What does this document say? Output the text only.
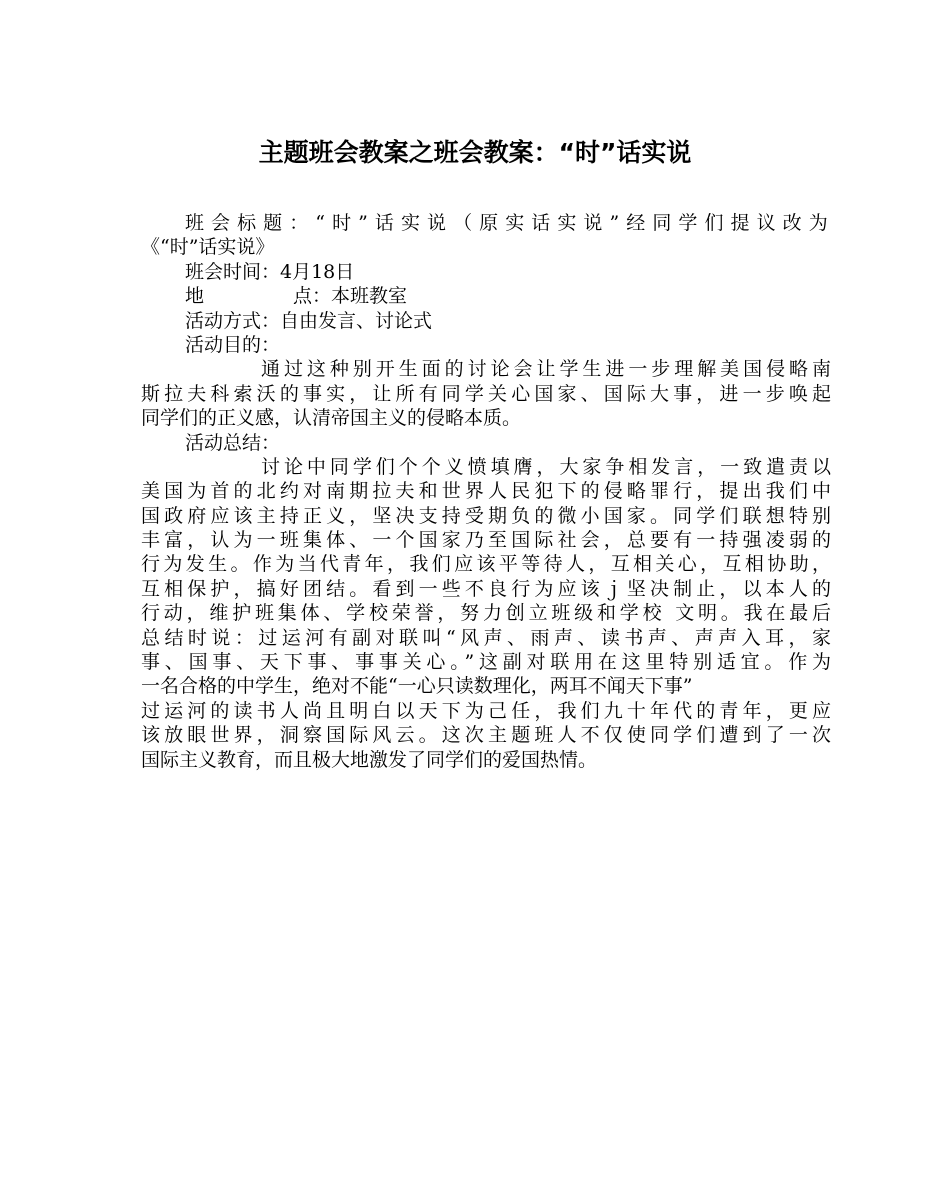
主题班会教案之班会教案：“时”话实说
班会标题：“时”话实说（原实话实说”经同学们提议改为
《“时”话实说》
班会时间：4月18日
地	点：本班教室
活动方式：自由发言、讨论式
活动目的：
通过这种别开生面的讨论会让学生进一步理解美国侵略南
斯拉夫科索沃的事实，让所有同学关心国家、国际大事，进一步唤起
同学们的正义感，认清帝国主义的侵略本质。
活动总结：
讨论中同学们个个义愤填膺，大家争相发言，一致遣责以
美国为首的北约对南期拉夫和世界人民犯下的侵略罪行，提出我们中
国政府应该主持正义，坚决支持受期负的微小国家。同学们联想特别
丰富，认为一班集体、一个国家乃至国际社会，总要有一持强凌弱的
行为发生。作为当代青年，我们应该平等待人，互相关心，互相协助，
互相保护，搞好团结。看到一些不良行为应该ｊ坚决制止，以本人的
行动，维护班集体、学校荣誉，努力创立班级和学校 文明。我在最后
总结时说：过运河有副对联叫“风声、雨声、读书声、声声入耳，家
事、国事、天下事、事事关心。”这副对联用在这里特别适宜。作为
一名合格的中学生，绝对不能“一心只读数理化，两耳不闻天下事”
过运河的读书人尚且明白以天下为己任，我们九十年代的青年，更应
该放眼世界，洞察国际风云。这次主题班人不仅使同学们遭到了一次
国际主义教育，而且极大地激发了同学们的爱国热情。
